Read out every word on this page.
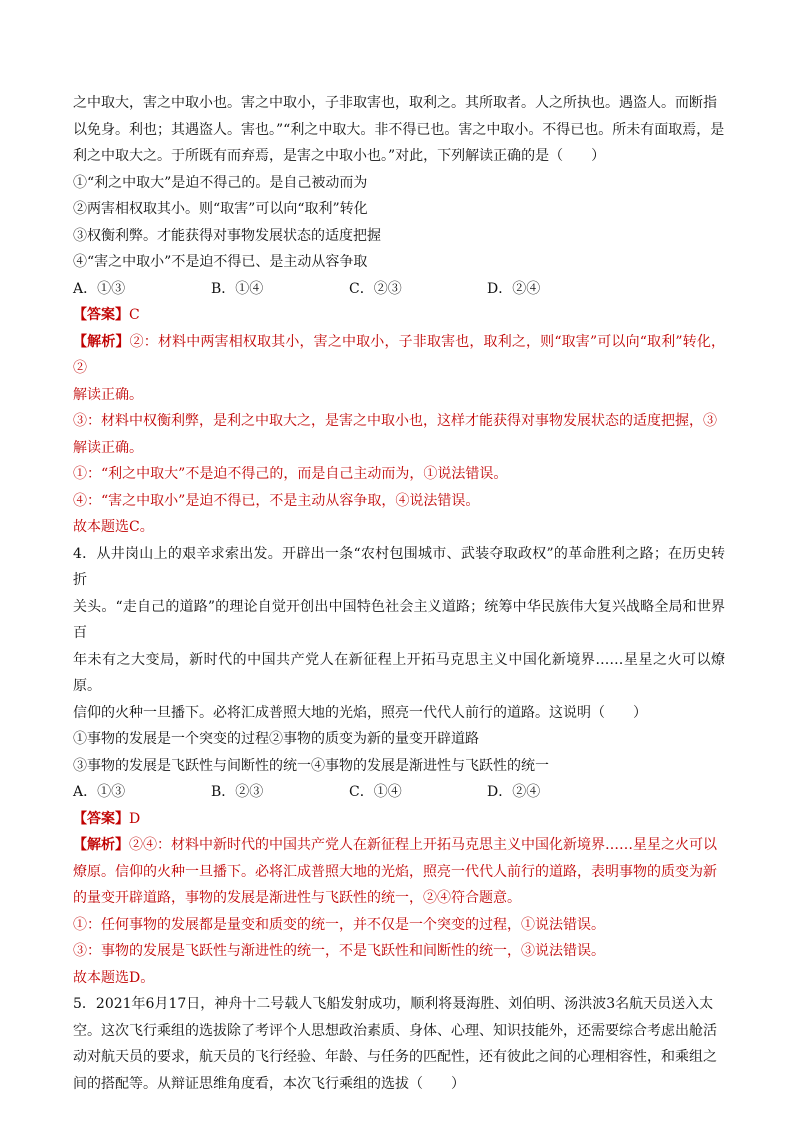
之中取大，害之中取小也。害之中取小，子非取害也，取利之。其所取者。人之所执也。遇盗人。而断指

以免身。利也；其遇盗人。害也。”“利之中取大。非不得已也。害之中取小。不得已也。所未有面取焉，是

利之中取大之。于所既有而弃焉，是害之中取小也。”对此，下列解读正确的是（　　）

①“利之中取大”是迫不得己的。是自己被动而为

②两害相权取其小。则“取害”可以向“取利”转化

③权衡利弊。才能获得对事物发展状态的适度把握

④“害之中取小”不是迫不得已、是主动从容争取

A．①③	B．①④	C．②③	D．②④

【答案】C

【解析】②：材料中两害相权取其小，害之中取小，子非取害也，取利之，则“取害”可以向“取利”转化，②

解读正确。

③：材料中权衡利弊，是利之中取大之，是害之中取小也，这样才能获得对事物发展状态的适度把握，③

解读正确。

①：“利之中取大”不是迫不得己的，而是自己主动而为，①说法错误。

④：“害之中取小”是迫不得已，不是主动从容争取，④说法错误。

故本题选C。

4．从井岗山上的艰辛求索出发。开辟出一条“农村包围城市、武装夺取政权”的革命胜利之路；在历史转折

关头。“走自己的道路”的理论自觉开创出中国特色社会主义道路；统筹中华民族伟大复兴战略全局和世界百

年未有之大变局，新时代的中国共产党人在新征程上开拓马克思主义中国化新境界……星星之火可以燎原。

信仰的火种一旦播下。必将汇成普照大地的光焰，照亮一代代人前行的道路。这说明（　　）

①事物的发展是一个突变的过程②事物的质变为新的量变开辟道路

③事物的发展是飞跃性与间断性的统一④事物的发展是渐进性与飞跃性的统一

A．①③	B．②③	C．①④	D．②④

【答案】D

【解析】②④：材料中新时代的中国共产党人在新征程上开拓马克思主义中国化新境界……星星之火可以

燎原。信仰的火种一旦播下。必将汇成普照大地的光焰，照亮一代代人前行的道路，表明事物的质变为新

的量变开辟道路，事物的发展是渐进性与飞跃性的统一，②④符合题意。

①：任何事物的发展都是量变和质变的统一，并不仅是一个突变的过程，①说法错误。

③：事物的发展是飞跃性与渐进性的统一，不是飞跃性和间断性的统一，③说法错误。

故本题选D。

5．2021年6月17日，神舟十二号载人飞船发射成功，顺利将聂海胜、刘伯明、汤洪波3名航天员送入太

空。这次飞行乘组的选拔除了考评个人思想政治素质、身体、心理、知识技能外，还需要综合考虑出舱活

动对航天员的要求，航天员的飞行经验、年龄、与任务的匹配性，还有彼此之间的心理相容性，和乘组之

间的搭配等。从辩证思维角度看，本次飞行乘组的选拔（　　）
